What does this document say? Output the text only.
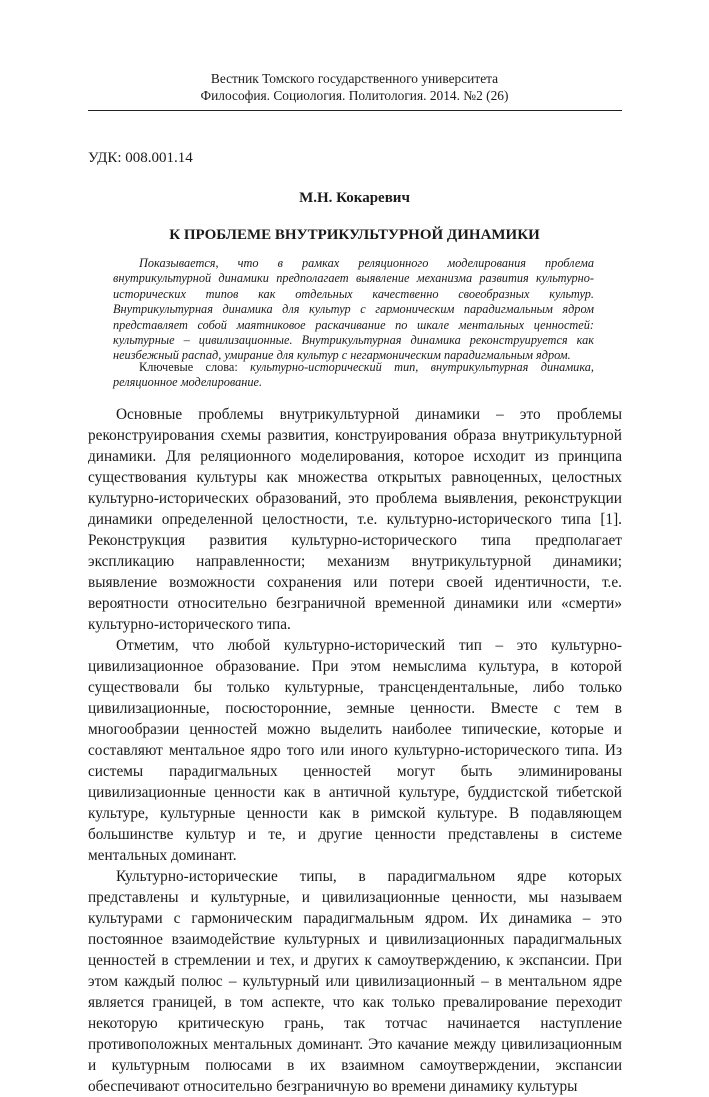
Вестник Томского государственного университета
Философия. Социология. Политология. 2014. №2 (26)
УДК: 008.001.14
М.Н. Кокаревич
К ПРОБЛЕМЕ ВНУТРИКУЛЬТУРНОЙ ДИНАМИКИ

Показывается, что в рамках реляционного моделирования проблема внутрикультурной динамики предполагает выявление механизма развития культурно-исторических типов как отдельных качественно своеобразных культур. Внутрикультурная динамика для культур с гармоническим парадигмальным ядром представляет собой маятниковое раскачивание по шкале ментальных ценностей: культурные – цивилизационные. Внутрикультурная динамика реконструируется как неизбежный распад, умирание для культур с негармоническим парадигмальным ядром.

Ключевые слова: культурно-исторический тип, внутрикультурная динамика, реляционное моделирование.

Основные проблемы внутрикультурной динамики – это проблемы реконструирования схемы развития, конструирования образа внутрикультурной динамики. Для реляционного моделирования, которое исходит из принципа существования культуры как множества открытых равноценных, целостных культурно-исторических образований, это проблема выявления, реконструкции динамики определенной целостности, т.е. культурно-исторического типа [1]. Реконструкция развития культурно-исторического типа предполагает экспликацию направленности; механизм внутрикультурной динамики; выявление возможности сохранения или потери своей идентичности, т.е. вероятности относительно безграничной временной динамики или «смерти» культурно-исторического типа.

Отметим, что любой культурно-исторический тип – это культурно-цивилизационное образование. При этом немыслима культура, в которой существовали бы только культурные, трансцендентальные, либо только цивилизационные, посюсторонние, земные ценности. Вместе с тем в многообразии ценностей можно выделить наиболее типические, которые и составляют ментальное ядро того или иного культурно-исторического типа. Из системы парадигмальных ценностей могут быть элиминированы цивилизационные ценности как в античной культуре, буддистской тибетской культуре, культурные ценности как в римской культуре. В подавляющем большинстве культур и те, и другие ценности представлены в системе ментальных доминант.

Культурно-исторические типы, в парадигмальном ядре которых представлены и культурные, и цивилизационные ценности, мы называем культурами с гармоническим парадигмальным ядром. Их динамика – это постоянное взаимодействие культурных и цивилизационных парадигмальных ценностей в стремлении и тех, и других к самоутверждению, к экспансии. При этом каждый полюс – культурный или цивилизационный – в ментальном ядре является границей, в том аспекте, что как только превалирование переходит некоторую критическую грань, так тотчас начинается наступление противоположных ментальных доминант. Это качание между цивилизационным и культурным полюсами в их взаимном самоутверждении, экспансии обеспечивают относительно безграничную во времени динамику культуры
